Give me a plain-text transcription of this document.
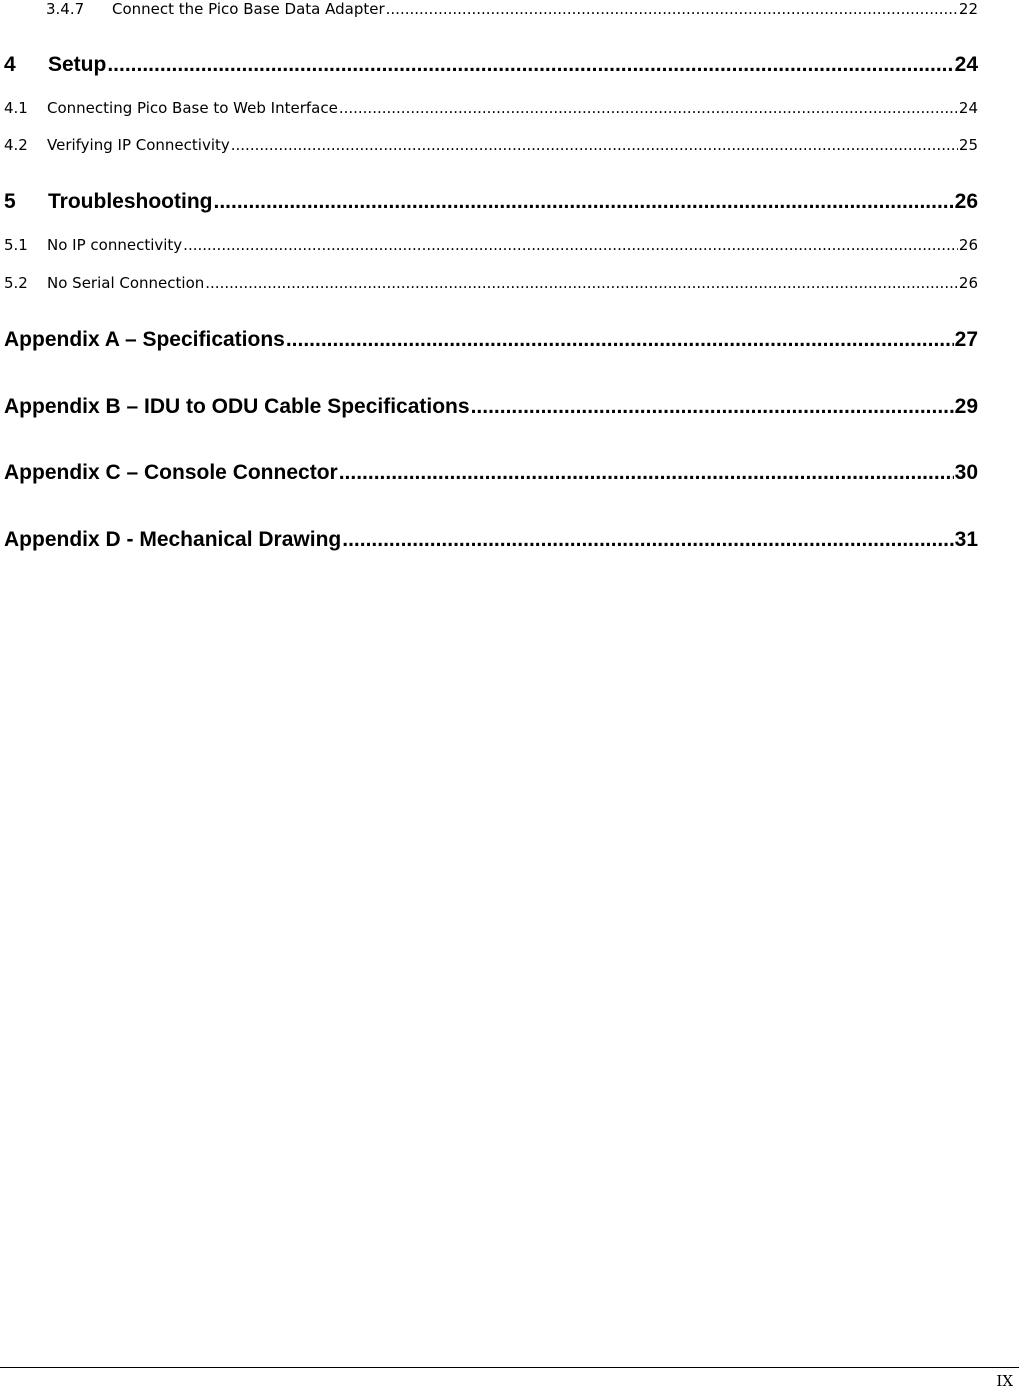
3.4.7	Connect the Pico Base Data Adapter .....	22
4	Setup .....	24
4.1	Connecting Pico Base to Web Interface .....	24
4.2	Verifying IP Connectivity .....	25
5	Troubleshooting .....	26
5.1	No IP connectivity .....	26
5.2	No Serial Connection .....	26
Appendix A – Specifications .....	27
Appendix B – IDU to ODU Cable Specifications .....	29
Appendix C – Console Connector .....	30
Appendix D - Mechanical Drawing .....	31
IX
